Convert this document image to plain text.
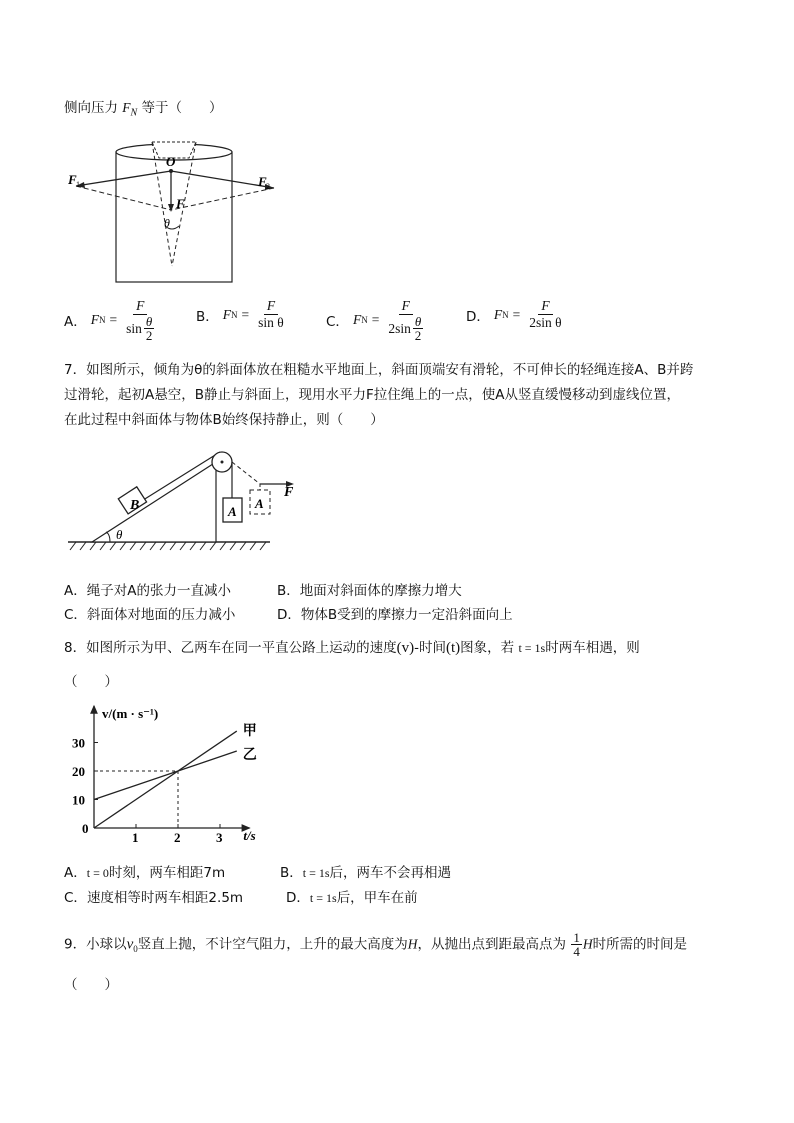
侧向压力 $F_N$ 等于（　　）
O
F 1	F 2
F
θ
A． F N = F
sin θ
2	B． F $N = \frac{F}{\text{sin θ}}$	C． F N = F
2sin θ
2	D． F $N = \frac{F}{\text{2sin θ}}$
7．如图所示，倾角为θ的斜面体放在粗糙水平地面上，斜面顶端安有滑轮，不可伸长的轻绳连接A、B并跨
过滑轮，起初A悬空，B静止与斜面上，现用水平力F拉住绳上的一点，使A从竖直缓慢移动到虚线位置，
在此过程中斜面体与物体B始终保持静止，则（　　）
B	A
A
F
θ
A．绳子对A的张力一直减小	B．地面对斜面体的摩擦力增大
C．斜面体对地面的压力减小	D．物体B受到的摩擦力一定沿斜面向上
8．如图所示为甲、乙两车在同一平直公路上运动的速度(v)-时间(t)图象，若 t = 1s时两车相遇，则
（　　）
v/(m · s⁻¹)
t/s
1	2	3
0
10
20
30
甲
乙
A．t = 0时刻，两车相距7m	B．t = 1s后，两车不会再相遇
C．速度相等时两车相距2.5m	D．t = 1s后，甲车在前
9．小球以$v_0$竖直上抛，不计空气阻力，上升的最大高度为H，从抛出点到距最高点为 $\frac{1}{4}$ H时所需的时间是
（　　）
